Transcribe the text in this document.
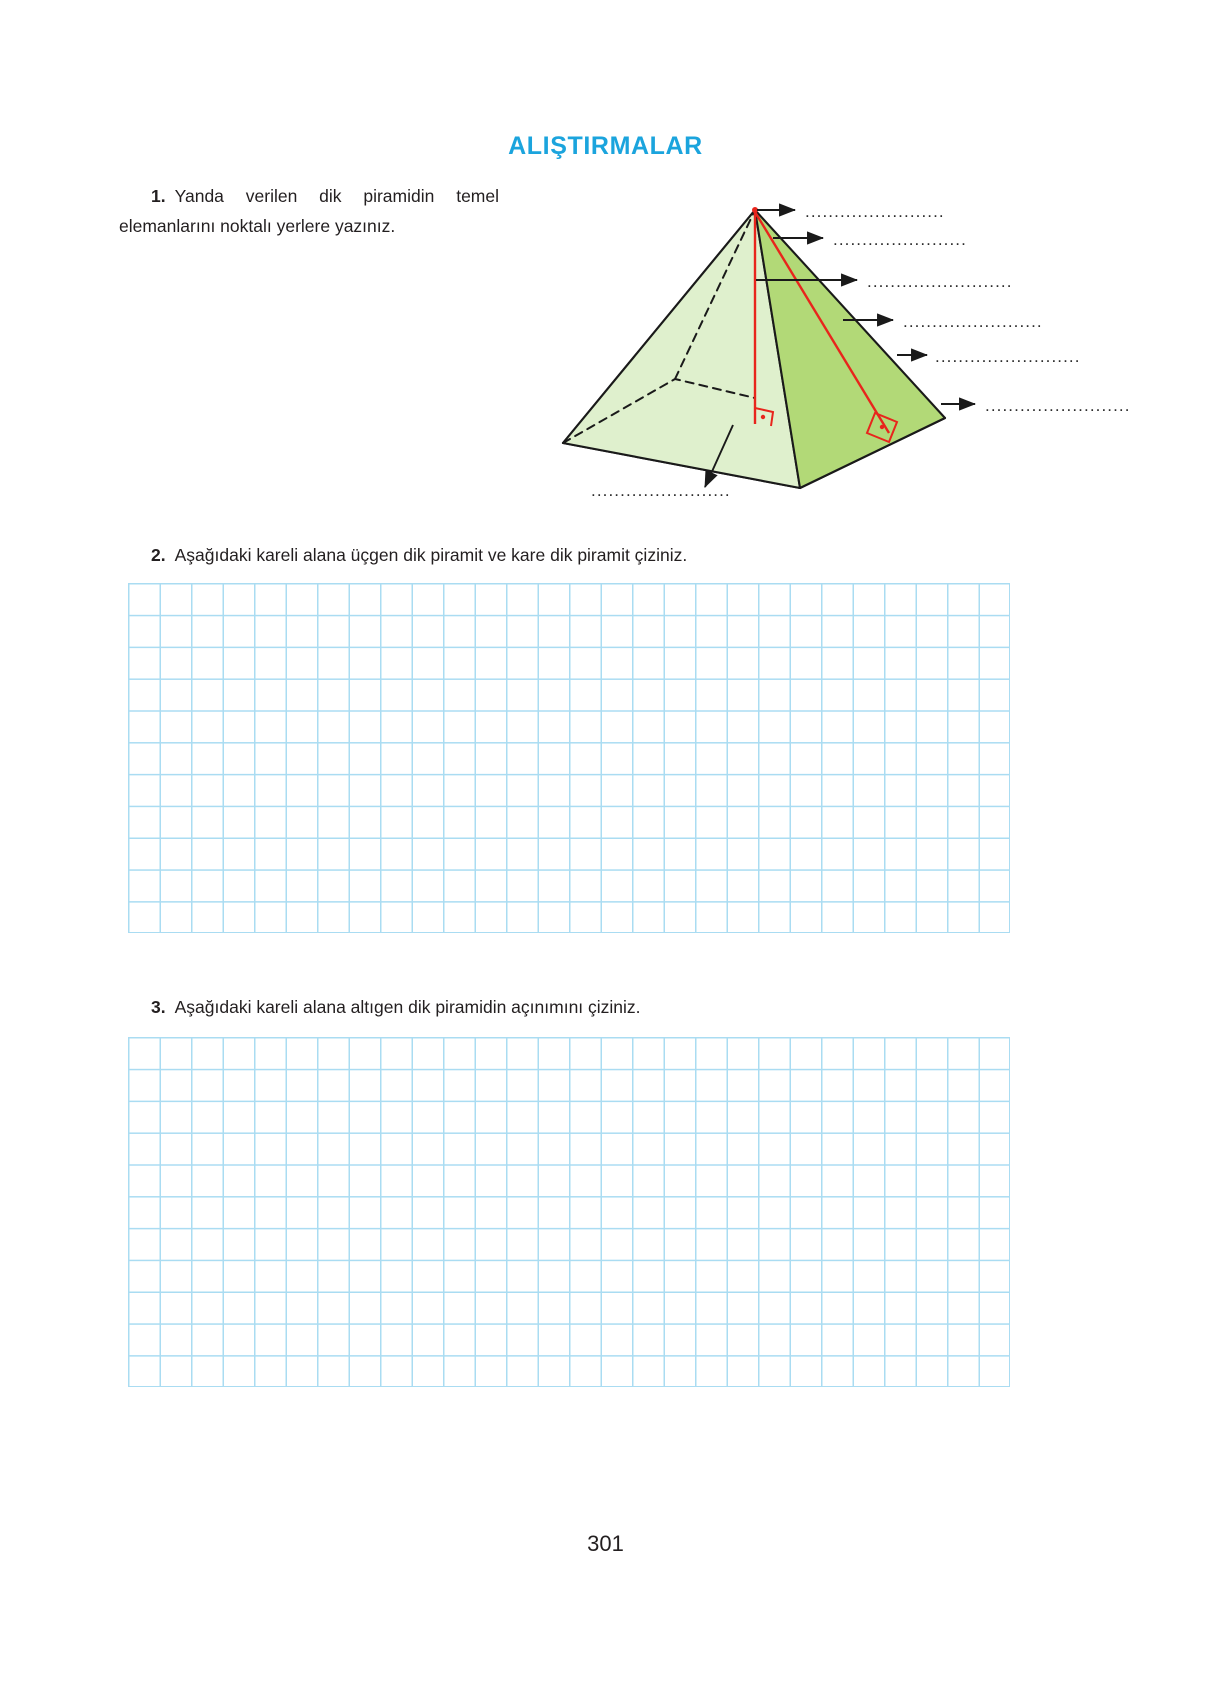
ALIŞTIRMALAR
1. Yanda verilen dik piramidin temel elemanlarını noktalı yerlere yazınız.
........................
.......................
.........................
........................
.........................
.........................
........................
2. Aşağıdaki kareli alana üçgen dik piramit ve kare dik piramit çiziniz.
3. Aşağıdaki kareli alana altıgen dik piramidin açınımını çiziniz.
301
